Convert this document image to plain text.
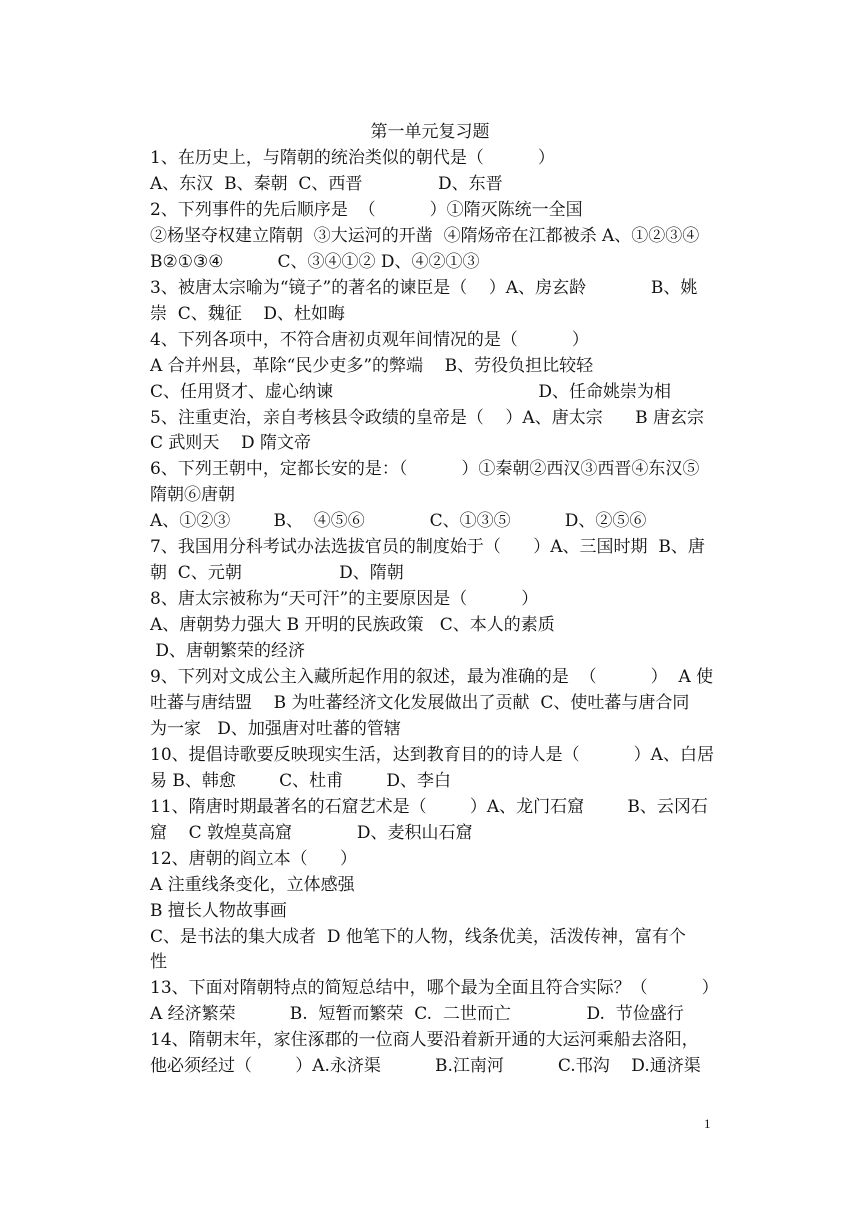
第一单元复习题
1、在历史上，与隋朝的统治类似的朝代是（          ）
A、东汉  B、秦朝  C、西晋              D、东晋
2、下列事件的先后顺序是  （          ）①隋灭陈统一全国
②杨坚夺权建立隋朝  ③大运河的开凿  ④隋炀帝在江都被杀 A、①②③④
B②①③④          C、③④①② D、④②①③
3、被唐太宗喻为“镜子”的著名的谏臣是（    ）A、房玄龄            B、姚
崇  C、魏征    D、杜如晦
4、下列各项中，不符合唐初贞观年间情况的是（          ）
A 合并州县，革除“民少吏多”的弊端    B、劳役负担比较轻
C、任用贤才、虚心纳谏                                      D、任命姚崇为相
5、注重吏治，亲自考核县令政绩的皇帝是（    ）A、唐太宗      B 唐玄宗
C 武则天    D 隋文帝
6、下列王朝中，定都长安的是：（          ）①秦朝②西汉③西晋④东汉⑤
隋朝⑥唐朝
A、①②③        B、  ④⑤⑥            C、①③⑤          D、②⑤⑥
7、我国用分科考试办法选拔官员的制度始于（      ）A、三国时期  B、唐
朝  C、元朝                  D、隋朝
8、唐太宗被称为“天可汗”的主要原因是（          ）
A、唐朝势力强大 B 开明的民族政策   C、本人的素质
D、唐朝繁荣的经济
9、下列对文成公主入藏所起作用的叙述，最为准确的是  （          ）  A 使
吐蕃与唐结盟    B 为吐蕃经济文化发展做出了贡献  C、使吐蕃与唐合同
为一家   D、加强唐对吐蕃的管辖
10、提倡诗歌要反映现实生活，达到教育目的的诗人是（          ）A、白居
易 B、韩愈        C、杜甫        D、李白
11、隋唐时期最著名的石窟艺术是（        ）A、龙门石窟        B、云冈石
窟    C 敦煌莫高窟            D、麦积山石窟
12、唐朝的阎立本（      ）
A 注重线条变化，立体感强
B 擅长人物故事画
C、是书法的集大成者  D 他笔下的人物，线条优美，活泼传神，富有个
性
13、下面对隋朝特点的简短总结中，哪个最为全面且符合实际？（          ）
A 经济繁荣          B.  短暂而繁荣  C.  二世而亡              D.  节俭盛行
14、隋朝末年，家住涿郡的一位商人要沿着新开通的大运河乘船去洛阳，
他必须经过（        ）A.永济渠          B.江南河          C.邗沟    D.通济渠
1
